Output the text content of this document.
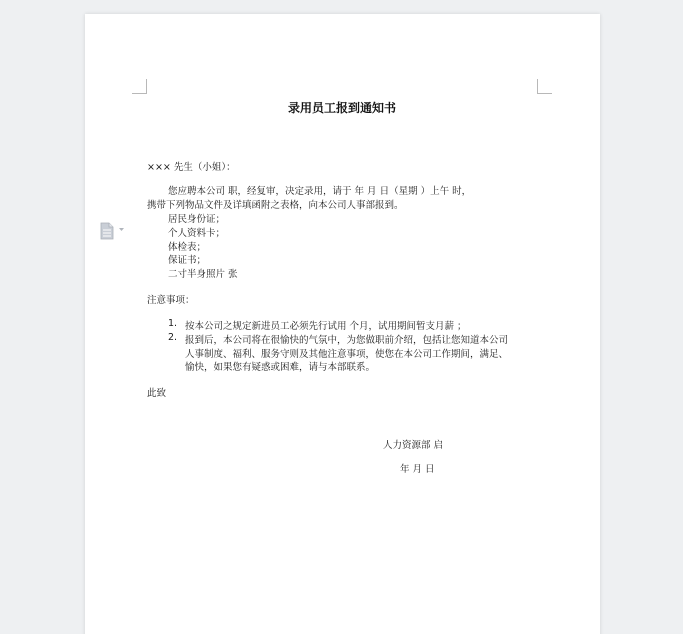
录用员工报到通知书
××× 先生（小姐）：
您应聘本公司 职，经复审，决定录用，请于 年 月 日（星期 ）上午 时，
携带下列物品文件及详填函附之表格，向本公司人事部报到。
居民身份证；
个人资料卡；
体检表；
保证书；
二寸半身照片 张
注意事项：
1. 按本公司之规定新进员工必须先行试用 个月，试用期间暂支月薪 ；
2. 报到后，本公司将在很愉快的气氛中，为您做职前介绍，包括让您知道本公司
人事制度、福利、服务守则及其他注意事项，使您在本公司工作期间，满足、
愉快，如果您有疑惑或困难，请与本部联系。
此致
人力资源部 启
年 月 日
